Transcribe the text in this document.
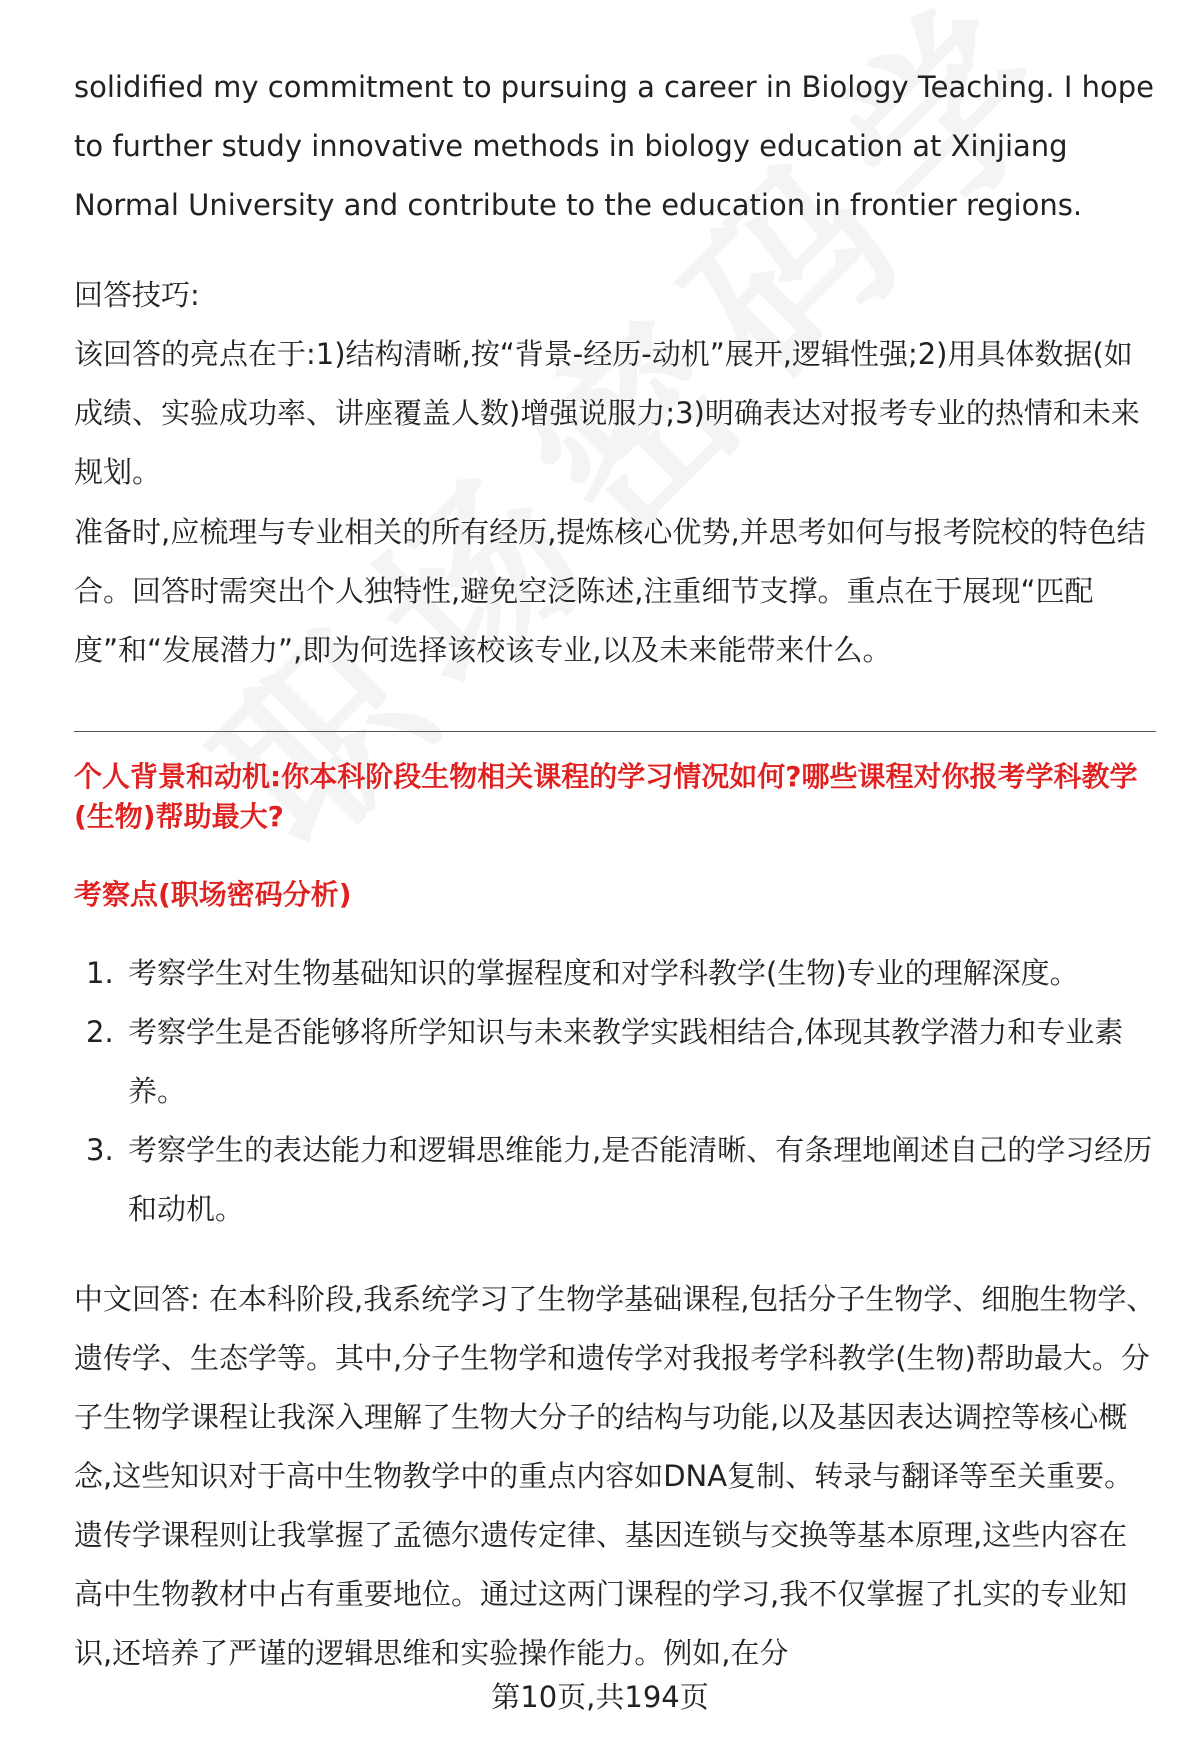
solidified my commitment to pursuing a career in Biology Teaching. I hope to further study innovative methods in biology education at Xinjiang Normal University and contribute to the education in frontier regions.

回答技巧:

该回答的亮点在于:1)结构清晰,按“背景-经历-动机”展开,逻辑性强;2)用具体数据(如成绩、实验成功率、讲座覆盖人数)增强说服力;3)明确表达对报考专业的热情和未来规划。

准备时,应梳理与专业相关的所有经历,提炼核心优势,并思考如何与报考院校的特色结合。回答时需突出个人独特性,避免空泛陈述,注重细节支撑。重点在于展现“匹配度”和“发展潜力”,即为何选择该校该专业,以及未来能带来什么。

个人背景和动机:你本科阶段生物相关课程的学习情况如何?哪些课程对你报考学科教学(生物)帮助最大?

考察点(职场密码分析)

1. 考察学生对生物基础知识的掌握程度和对学科教学(生物)专业的理解深度。
2. 考察学生是否能够将所学知识与未来教学实践相结合,体现其教学潜力和专业素养。
3. 考察学生的表达能力和逻辑思维能力,是否能清晰、有条理地阐述自己的学习经历和动机。

中文回答: 在本科阶段,我系统学习了生物学基础课程,包括分子生物学、细胞生物学、遗传学、生态学等。其中,分子生物学和遗传学对我报考学科教学(生物)帮助最大。分子生物学课程让我深入理解了生物大分子的结构与功能,以及基因表达调控等核心概念,这些知识对于高中生物教学中的重点内容如DNA复制、转录与翻译等至关重要。遗传学课程则让我掌握了孟德尔遗传定律、基因连锁与交换等基本原理,这些内容在高中生物教材中占有重要地位。通过这两门课程的学习,我不仅掌握了扎实的专业知识,还培养了严谨的逻辑思维和实验操作能力。例如,在分

第10页,共194页
